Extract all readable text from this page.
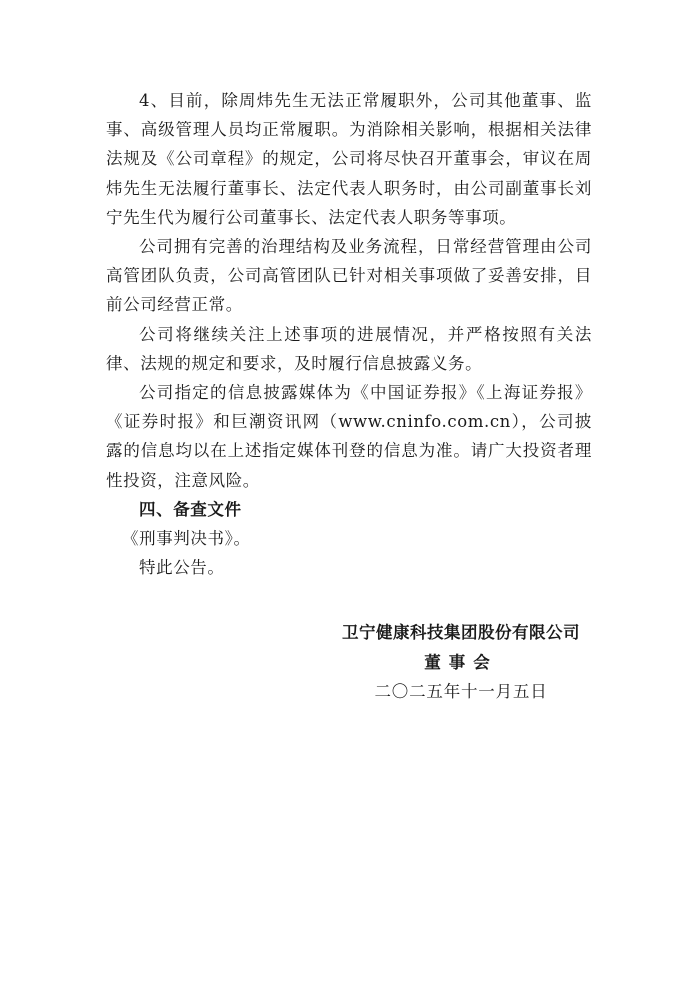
4、目前，除周炜先生无法正常履职外，公司其他董事、监事、高级管理人员均正常履职。为消除相关影响，根据相关法律法规及《公司章程》的规定，公司将尽快召开董事会，审议在周炜先生无法履行董事长、法定代表人职务时，由公司副董事长刘宁先生代为履行公司董事长、法定代表人职务等事项。

公司拥有完善的治理结构及业务流程，日常经营管理由公司高管团队负责，公司高管团队已针对相关事项做了妥善安排，目前公司经营正常。

公司将继续关注上述事项的进展情况，并严格按照有关法律、法规的规定和要求，及时履行信息披露义务。

公司指定的信息披露媒体为《中国证券报》《上海证券报》《证券时报》和巨潮资讯网（www.cninfo.com.cn），公司披露的信息均以在上述指定媒体刊登的信息为准。请广大投资者理性投资，注意风险。

四、备查文件

《刑事判决书》。

特此公告。

卫宁健康科技集团股份有限公司
董事会
二〇二五年十一月五日
